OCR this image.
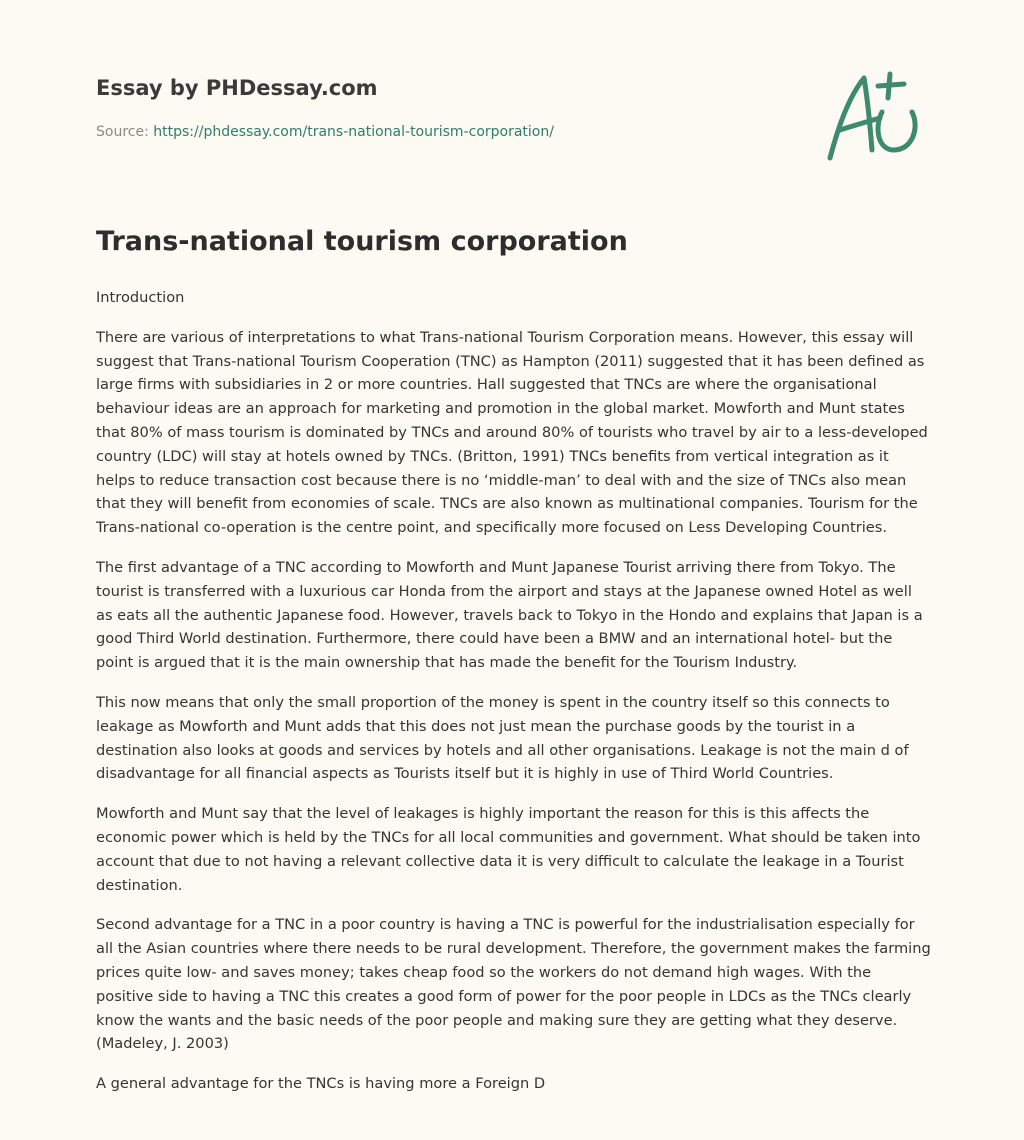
Essay by PHDessay.com
Source: https://phdessay.com/trans-national-tourism-corporation/
Trans-national tourism corporation

Introduction

There are various of interpretations to what Trans-national Tourism Corporation means. However, this essay will suggest that Trans-national Tourism Cooperation (TNC) as Hampton (2011) suggested that it has been defined as large firms with subsidiaries in 2 or more countries. Hall suggested that TNCs are where the organisational behaviour ideas are an approach for marketing and promotion in the global market. Mowforth and Munt states that 80% of mass tourism is dominated by TNCs and around 80% of tourists who travel by air to a less-developed country (LDC) will stay at hotels owned by TNCs. (Britton, 1991) TNCs benefits from vertical integration as it helps to reduce transaction cost because there is no ‘middle-man’ to deal with and the size of TNCs also mean that they will benefit from economies of scale. TNCs are also known as multinational companies. Tourism for the Trans-national co-operation is the centre point, and specifically more focused on Less Developing Countries.

The first advantage of a TNC according to Mowforth and Munt Japanese Tourist arriving there from Tokyo. The tourist is transferred with a luxurious car Honda from the airport and stays at the Japanese owned Hotel as well as eats all the authentic Japanese food. However, travels back to Tokyo in the Hondo and explains that Japan is a good Third World destination. Furthermore, there could have been a BMW and an international hotel- but the point is argued that it is the main ownership that has made the benefit for the Tourism Industry.

This now means that only the small proportion of the money is spent in the country itself so this connects to leakage as Mowforth and Munt adds that this does not just mean the purchase goods by the tourist in a destination also looks at goods and services by hotels and all other organisations. Leakage is not the main d of disadvantage for all financial aspects as Tourists itself but it is highly in use of Third World Countries.

Mowforth and Munt say that the level of leakages is highly important the reason for this is this affects the economic power which is held by the TNCs for all local communities and government. What should be taken into account that due to not having a relevant collective data it is very difficult to calculate the leakage in a Tourist destination.

Second advantage for a TNC in a poor country is having a TNC is powerful for the industrialisation especially for all the Asian countries where there needs to be rural development. Therefore, the government makes the farming prices quite low- and saves money; takes cheap food so the workers do not demand high wages. With the positive side to having a TNC this creates a good form of power for the poor people in LDCs as the TNCs clearly know the wants and the basic needs of the poor people and making sure they are getting what they deserve. (Madeley, J. 2003)

A general advantage for the TNCs is having more a Foreign D
